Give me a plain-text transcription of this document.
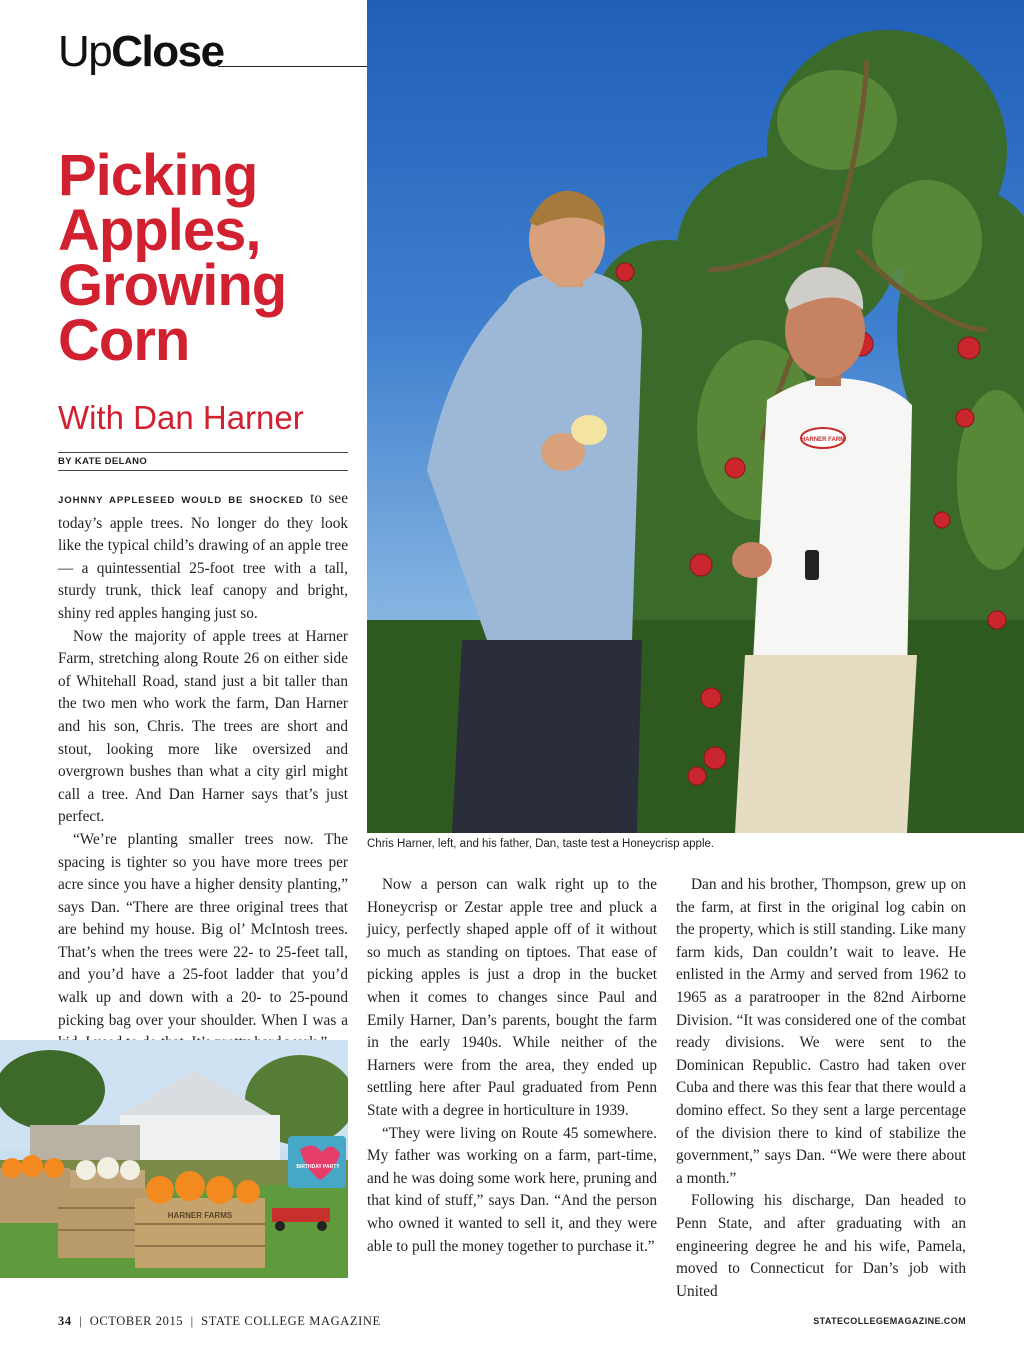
UpClose
HARNER FARM
Chris Harner, left, and his father, Dan, taste test a Honeycrisp apple.
Picking
Apples,
Growing
Corn
With Dan Harner
BY KATE DELANO

JOHNNY APPLESEED WOULD BE SHOCKED to see today’s apple trees. No longer do they look like the typical child’s drawing of an apple tree — a quintessential 25-foot tree with a tall, sturdy trunk, thick leaf canopy and bright, shiny red apples hanging just so.

Now the majority of apple trees at Harner Farm, stretching along Route 26 on either side of Whitehall Road, stand just a bit taller than the two men who work the farm, Dan Harner and his son, Chris. The trees are short and stout, looking more like oversized and overgrown bushes than what a city girl might call a tree. And Dan Harner says that’s just perfect.

“We’re planting smaller trees now. The spacing is tighter so you have more trees per acre since you have a higher density planting,” says Dan. “There are three original trees that are behind my house. Big ol’ McIntosh trees. That’s when the trees were 22- to 25-feet tall, and you’d have a 25-foot ladder that you’d walk up and down with a 20- to 25-pound picking bag over your shoulder. When I was a

Now a person can walk right up to the Honeycrisp or Zestar apple tree and pluck a juicy, perfectly shaped apple off of it without so much as standing on tiptoes. That ease of picking apples is just a drop in the bucket when it comes to changes since Paul and Emily Harner, Dan’s parents, bought the farm in the early 1940s. While neither of the Harners were from the area, they ended up settling here after Paul graduated from Penn State with a degree in horticulture in 1939.

“They were living on Route 45 somewhere. My father was working on a farm, part-time, and he was doing some work here, pruning and that kind of stuff,” says Dan. “And the person who owned it wanted to sell it, and they were able to pull the money together to purchase it.”

Dan and his brother, Thompson, grew up on the farm, at first in the original log cabin on the property, which is still standing. Like many farm kids, Dan couldn’t wait to leave. He enlisted in the Army and served from 1962 to 1965 as a paratrooper in the 82nd Airborne Division. “It was considered one of the combat ready divisions. We were sent to the Dominican Republic. Castro had taken over Cuba and there was this fear that there would a domino effect. So they sent a large percentage of the division there to kind of stabilize the government,” says Dan. “We were there about a month.”

Following his discharge, Dan headed to Penn State, and after graduating with an engineering degree he and his wife, Pamela, moved to Connecticut for Dan’s job with United

BIRTHDAY PARTY
HARNER FARMS
34 | OCTOBER 2015 | STATE COLLEGE MAGAZINE	STATECOLLEGEMAGAZINE.COM
